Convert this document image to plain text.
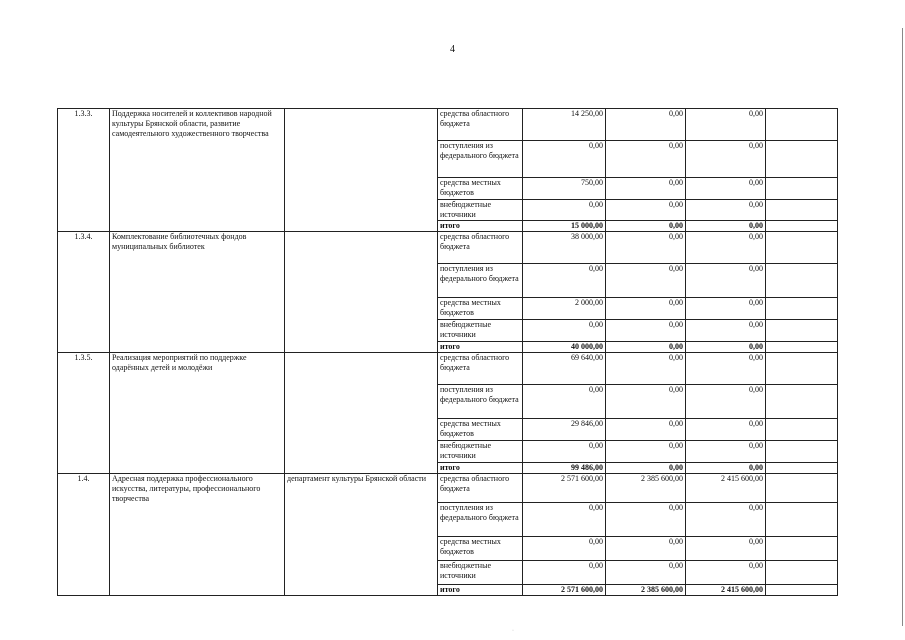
4
1.3.3.	Поддержка носителей и коллективов народной культуры Брянской области, развитие самодеятельного художественного творчества		средства областного бюджета	14 250,00	0,00	0,00	
			поступления из федерального бюджета	0,00	0,00	0,00	
			средства местных бюджетов	750,00	0,00	0,00	
			внебюджетные источники	0,00	0,00	0,00	
			итого	15 000,00	0,00	0,00	
1.3.4.	Комплектование библиотечных фондов муниципальных библиотек		средства областного бюджета	38 000,00	0,00	0,00	
			поступления из федерального бюджета	0,00	0,00	0,00	
			средства местных бюджетов	2 000,00	0,00	0,00	
			внебюджетные источники	0,00	0,00	0,00	
			итого	40 000,00	0,00	0,00	
1.3.5.	Реализация мероприятий по поддержке одарённых детей и молодёжи		средства областного бюджета	69 640,00	0,00	0,00	
			поступления из федерального бюджета	0,00	0,00	0,00	
			средства местных бюджетов	29 846,00	0,00	0,00	
			внебюджетные источники	0,00	0,00	0,00	
			итого	99 486,00	0,00	0,00	
1.4.	Адресная поддержка профессионального искусства, литературы, профессионального творчества	департамент культуры Брянской области	средства областного бюджета	2 571 600,00	2 385 600,00	2 415 600,00	
			поступления из федерального бюджета	0,00	0,00	0,00	
			средства местных бюджетов	0,00	0,00	0,00	
			внебюджетные источники	0,00	0,00	0,00	
			итого	2 571 600,00	2 385 600,00	2 415 600,00	
·
